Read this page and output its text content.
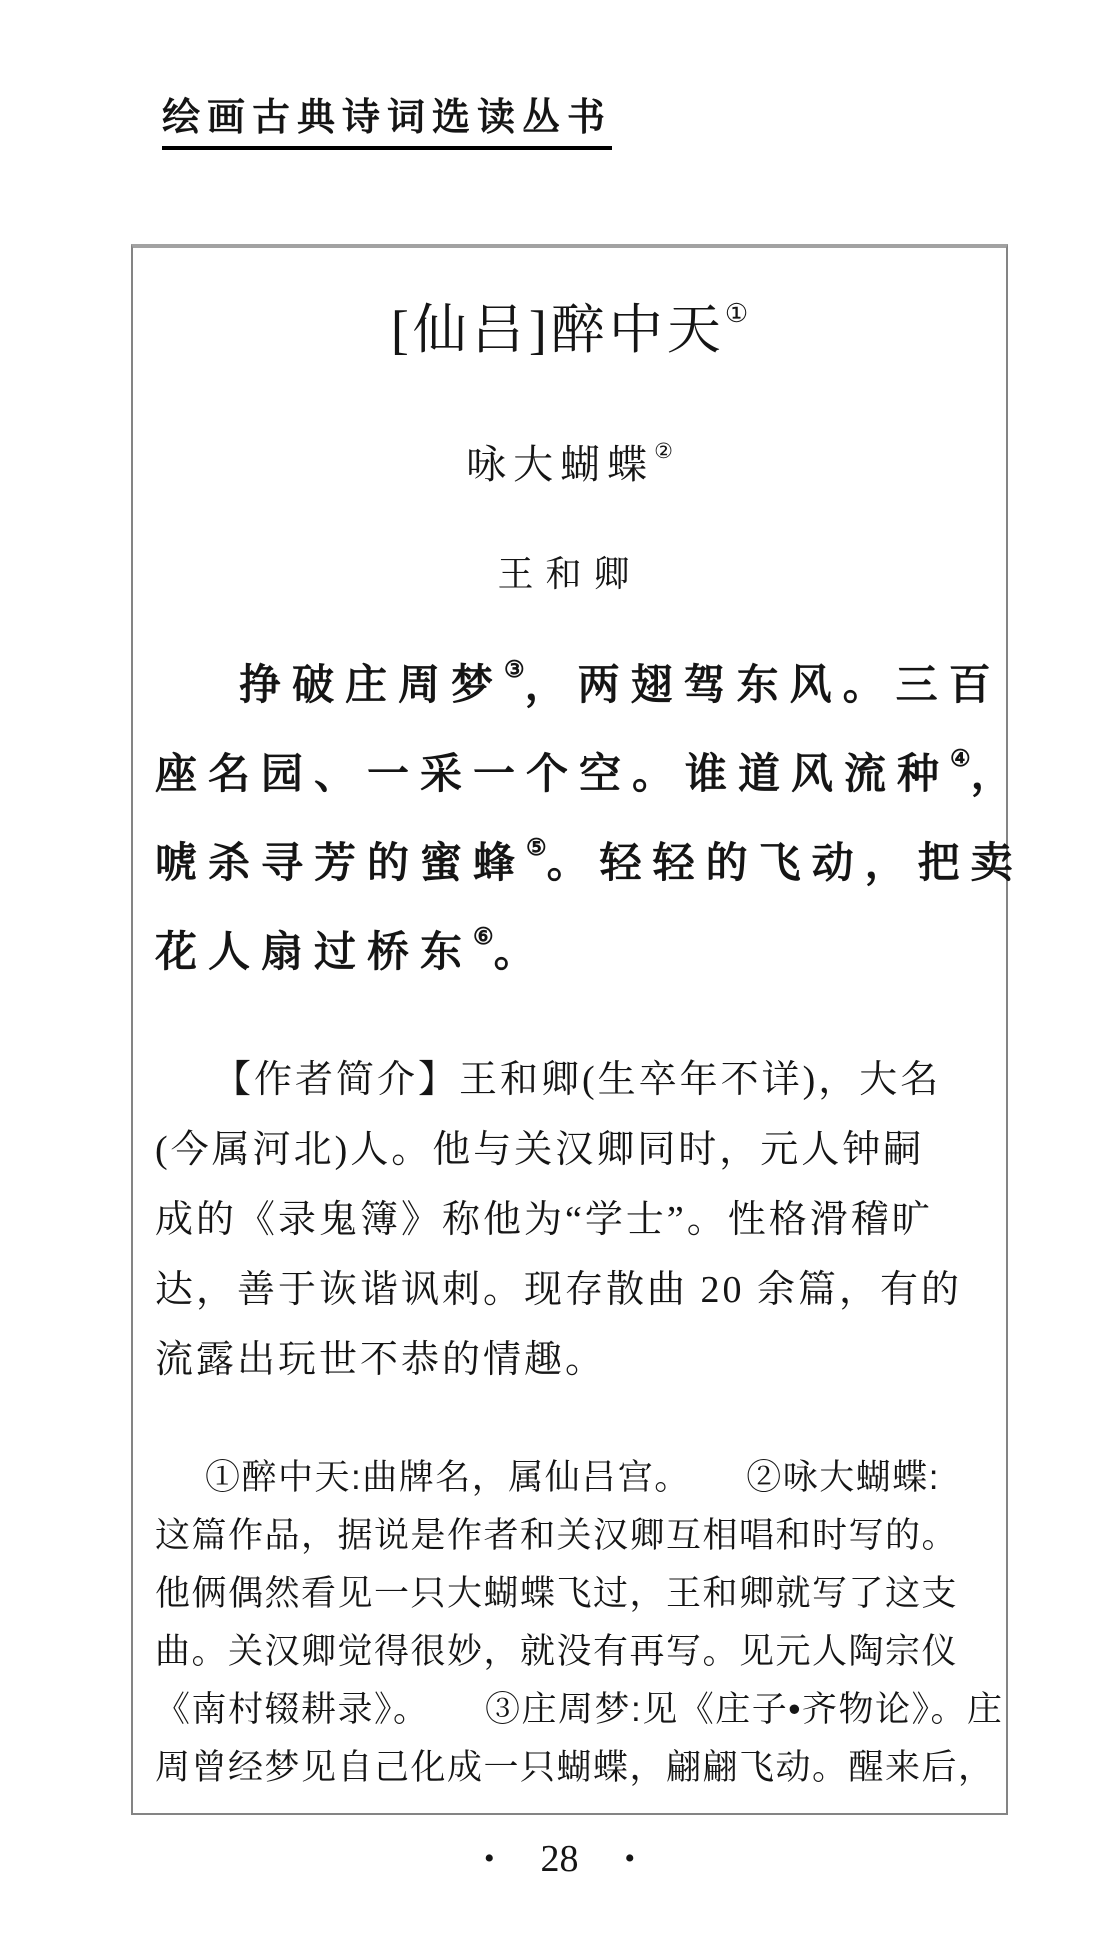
绘画古典诗词选读丛书
[仙吕]醉中天①
咏大蝴蝶②
王和卿
挣破庄周梦③，两翅驾东风。三百
座名园、一采一个空。谁道风流种④，
唬杀寻芳的蜜蜂⑤。轻轻的飞动，把卖
花人扇过桥东⑥。
【作者简介】王和卿(生卒年不详)，大名
(今属河北)人。他与关汉卿同时，元人钟嗣
成的《录鬼簿》称他为“学士”。性格滑稽旷
达，善于诙谐讽刺。现存散曲 20 余篇，有的
流露出玩世不恭的情趣。
①醉中天:曲牌名，属仙吕宫。　　②咏大蝴蝶:
这篇作品，据说是作者和关汉卿互相唱和时写的。
他俩偶然看见一只大蝴蝶飞过，王和卿就写了这支
曲。关汉卿觉得很妙，就没有再写。见元人陶宗仪
《南村辍耕录》。　　③庄周梦:见《庄子•齐物论》。庄
周曾经梦见自己化成一只蝴蝶，翩翩飞动。醒来后，
• 28 •
